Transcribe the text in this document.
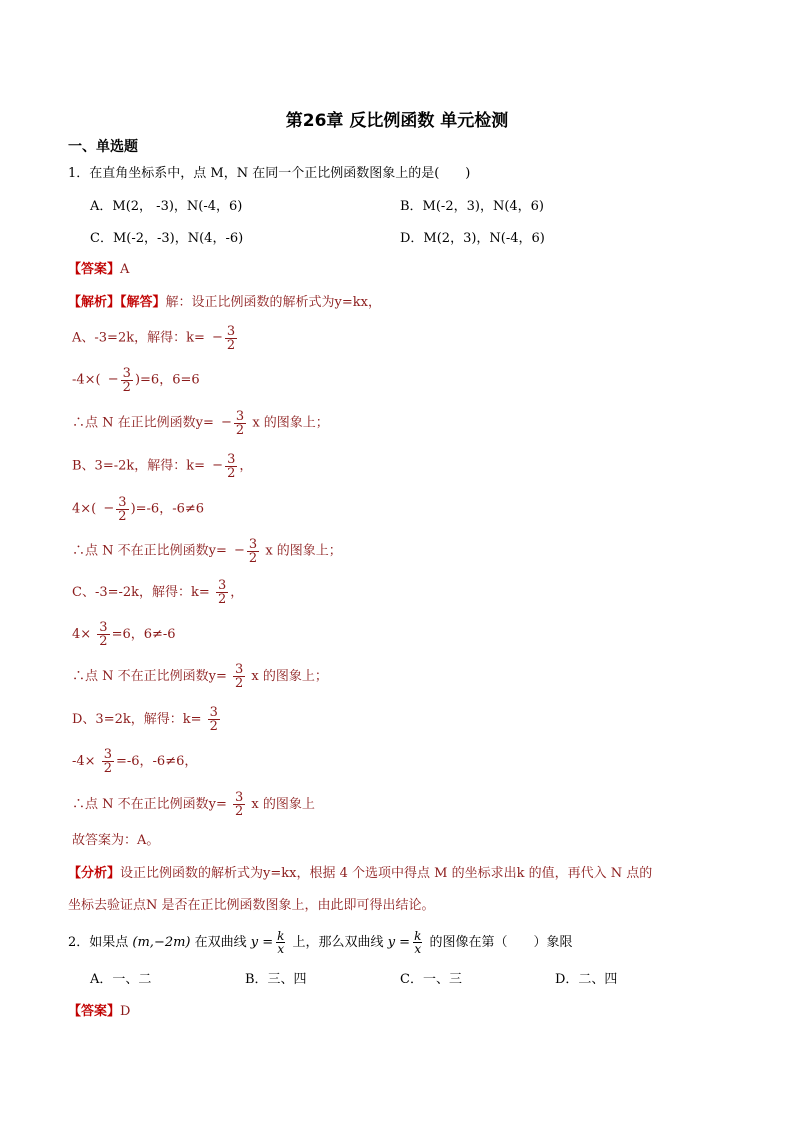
第26章 反比例函数 单元检测
一、单选题
1．在直角坐标系中，点 M，N 在同一个正比例函数图象上的是(　　)
A．M(2， -3)，N(-4，6)	B．M(-2，3)，N(4，6)
C．M(-2，-3)，N(4，-6)	D．M(2，3)，N(-4，6)
【答案】A
【解析】【解答】解：设正比例函数的解析式为y=kx，
A、-3=2k，解得：$k= - \frac{3}{2}$
$-4\times( - \frac{3}{2} )=6$，6=6
∴点 N 在正比例函数$y= - \frac{3}{2}$ x 的图象上；
B、3=-2k，解得：$k= - \frac{3}{2}$ ，
$4\times( - \frac{3}{2} )=-6$，-6≠6
∴点 N 不在正比例函数$y= - \frac{3}{2}$ x 的图象上；
C、-3=-2k，解得：$k= \frac{3}{2}$ ，
$4\times \frac{3}{2} =6$，6≠-6
∴点 N 不在正比例函数$y= \frac{3}{2}$ x 的图象上；
D、3=2k，解得：$k= \frac{3}{2}$
$-4\times \frac{3}{2} =-6$，-6≠6，
∴点 N 不在正比例函数$y= \frac{3}{2}$ x 的图象上
故答案为：A。
【分析】设正比例函数的解析式为y=kx，根据 4 个选项中得点 M 的坐标求出k 的值，再代入 N 点的
坐标去验证点N 是否在正比例函数图象上，由此即可得出结论。
2．如果点 (m,−2m) 在双曲线 $y = \frac{k}{x}$ 上，那么双曲线 $y = \frac{k}{x}$ 的图像在第（　　）象限
A．一、二	B．三、四	C．一、三	D．二、四
【答案】D
